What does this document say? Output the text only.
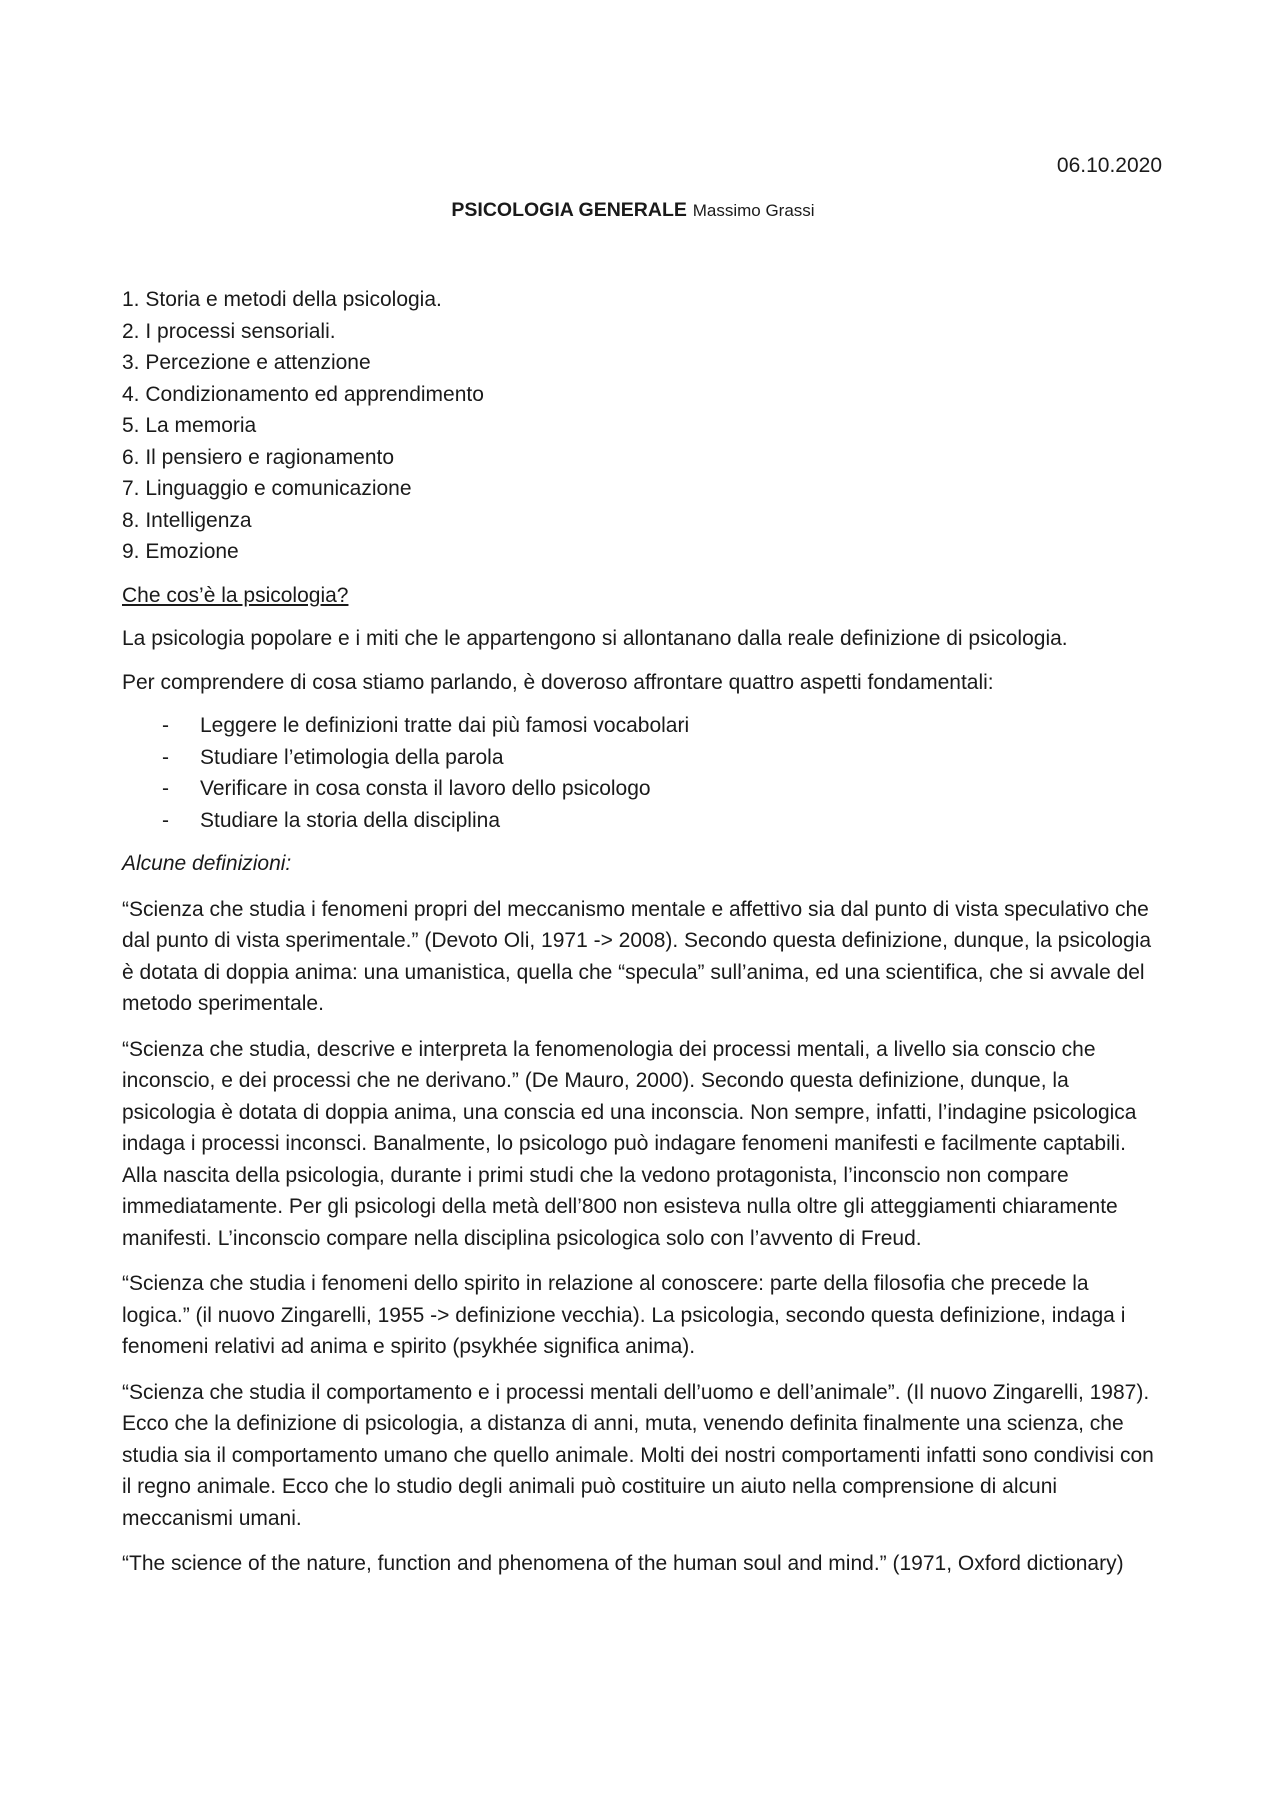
06.10.2020

PSICOLOGIA GENERALE Massimo Grassi

1. Storia e metodi della psicologia.
2. I processi sensoriali.
3. Percezione e attenzione
4. Condizionamento ed apprendimento
5. La memoria
6. Il pensiero e ragionamento
7. Linguaggio e comunicazione
8. Intelligenza
9. Emozione

Che cos’è la psicologia?

La psicologia popolare e i miti che le appartengono si allontanano dalla reale definizione di psicologia.

Per comprendere di cosa stiamo parlando, è doveroso affrontare quattro aspetti fondamentali:

- Leggere le definizioni tratte dai più famosi vocabolari
- Studiare l’etimologia della parola
- Verificare in cosa consta il lavoro dello psicologo
- Studiare la storia della disciplina

Alcune definizioni:

“Scienza che studia i fenomeni propri del meccanismo mentale e affettivo sia dal punto di vista speculativo che dal punto di vista sperimentale.” (Devoto Oli, 1971 -> 2008). Secondo questa definizione, dunque, la psicologia è dotata di doppia anima: una umanistica, quella che “specula” sull’anima, ed una scientifica, che si avvale del metodo sperimentale.

“Scienza che studia, descrive e interpreta la fenomenologia dei processi mentali, a livello sia conscio che inconscio, e dei processi che ne derivano.” (De Mauro, 2000). Secondo questa definizione, dunque, la psicologia è dotata di doppia anima, una conscia ed una inconscia. Non sempre, infatti, l’indagine psicologica indaga i processi inconsci. Banalmente, lo psicologo può indagare fenomeni manifesti e facilmente captabili. Alla nascita della psicologia, durante i primi studi che la vedono protagonista, l’inconscio non compare immediatamente. Per gli psicologi della metà dell’800 non esisteva nulla oltre gli atteggiamenti chiaramente manifesti. L’inconscio compare nella disciplina psicologica solo con l’avvento di Freud.

“Scienza che studia i fenomeni dello spirito in relazione al conoscere: parte della filosofia che precede la logica.” (il nuovo Zingarelli, 1955 -> definizione vecchia). La psicologia, secondo questa definizione, indaga i fenomeni relativi ad anima e spirito (psykhée significa anima).

“Scienza che studia il comportamento e i processi mentali dell’uomo e dell’animale”. (Il nuovo Zingarelli, 1987). Ecco che la definizione di psicologia, a distanza di anni, muta, venendo definita finalmente una scienza, che studia sia il comportamento umano che quello animale. Molti dei nostri comportamenti infatti sono condivisi con il regno animale. Ecco che lo studio degli animali può costituire un aiuto nella comprensione di alcuni meccanismi umani.

“The science of the nature, function and phenomena of the human soul and mind.” (1971, Oxford dictionary)
